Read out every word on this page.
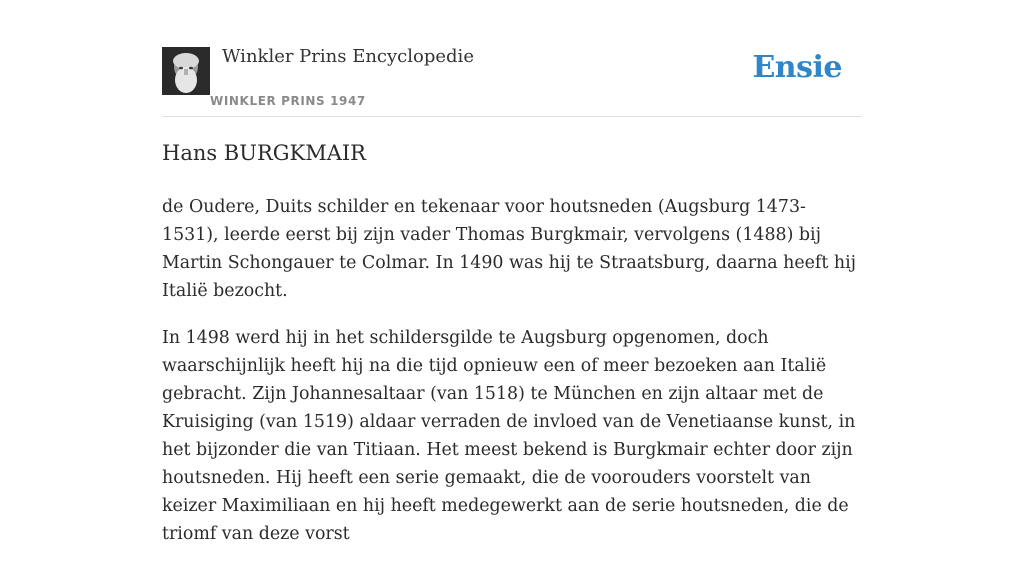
Winkler Prins Encyclopedie
WINKLER PRINS 1947
Ensie
Hans BURGKMAIR

de Oudere, Duits schilder en tekenaar voor houtsneden (Augsburg 1473-1531), leerde eerst bij zijn vader Thomas Burgkmair, vervolgens (1488) bij Martin Schongauer te Colmar. In 1490 was hij te Straatsburg, daarna heeft hij Italië bezocht.

In 1498 werd hij in het schildersgilde te Augsburg opgenomen, doch waarschijnlijk heeft hij na die tijd opnieuw een of meer bezoeken aan Italië gebracht. Zijn Johannesaltaar (van 1518) te München en zijn altaar met de Kruisiging (van 1519) aldaar verraden de invloed van de Venetiaanse kunst, in het bijzonder die van Titiaan. Het meest bekend is Burgkmair echter door zijn houtsneden. Hij heeft een serie gemaakt, die de voorouders voorstelt van keizer Maximiliaan en hij heeft medegewerkt aan de serie houtsneden, die de triomf van deze vorst
